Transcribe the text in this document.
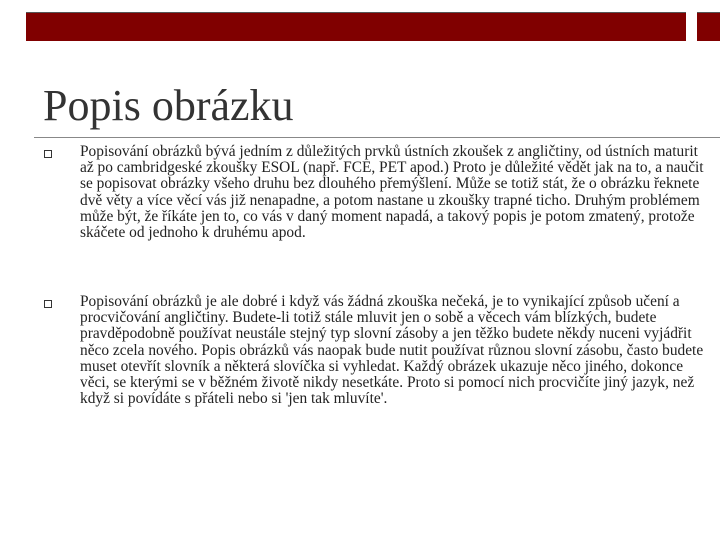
Popis obrázku
Popisování obrázků bývá jedním z důležitých prvků ústních zkoušek z angličtiny, od ústních maturit až po cambridgeské zkoušky ESOL (např. FCE, PET apod.) Proto je důležité vědět jak na to, a naučit se popisovat obrázky všeho druhu bez dlouhého přemýšlení. Může se totiž stát, že o obrázku řeknete dvě věty a více věcí vás již nenapadne, a potom nastane u zkoušky trapné ticho. Druhým problémem může být, že říkáte jen to, co vás v daný moment napadá, a takový popis je potom zmatený, protože skáčete od jednoho k druhému apod.
Popisování obrázků je ale dobré i když vás žádná zkouška nečeká, je to vynikající způsob učení a procvičování angličtiny. Budete-li totiž stále mluvit jen o sobě a věcech vám blízkých, budete pravděpodobně používat neustále stejný typ slovní zásoby a jen těžko budete někdy nuceni vyjádřit něco zcela nového. Popis obrázků vás naopak bude nutit používat různou slovní zásobu, často budete muset otevřít slovník a některá slovíčka si vyhledat. Každý obrázek ukazuje něco jiného, dokonce věci, se kterými se v běžném životě nikdy nesetkáte. Proto si pomocí nich procvičíte jiný jazyk, než když si povídáte s přáteli nebo si 'jen tak mluvíte'.
